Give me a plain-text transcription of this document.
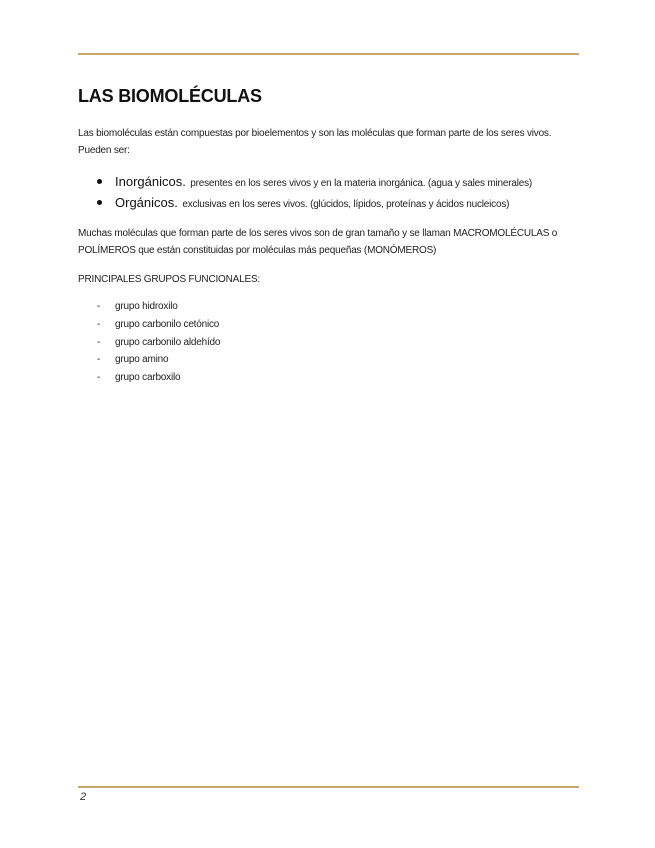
LAS BIOMOLÉCULAS

Las biomoléculas están compuestas por bioelementos y son las moléculas que forman parte de los seres vivos. Pueden ser:

Inorgánicos. presentes en los seres vivos y en la materia inorgánica. (agua y sales minerales)
Orgánicos. exclusivas en los seres vivos. (glúcidos, lípidos, proteínas y ácidos nucleicos)

Muchas moléculas que forman parte de los seres vivos son de gran tamaño y se llaman MACROMOLÉCULAS o POLÍMEROS que están constituidas por moléculas más pequeñas (MONÓMEROS)

PRINCIPALES GRUPOS FUNCIONALES:

- grupo hidroxilo
- grupo carbonilo cetónico
- grupo carbonilo aldehído
- grupo amino
- grupo carboxilo
2
